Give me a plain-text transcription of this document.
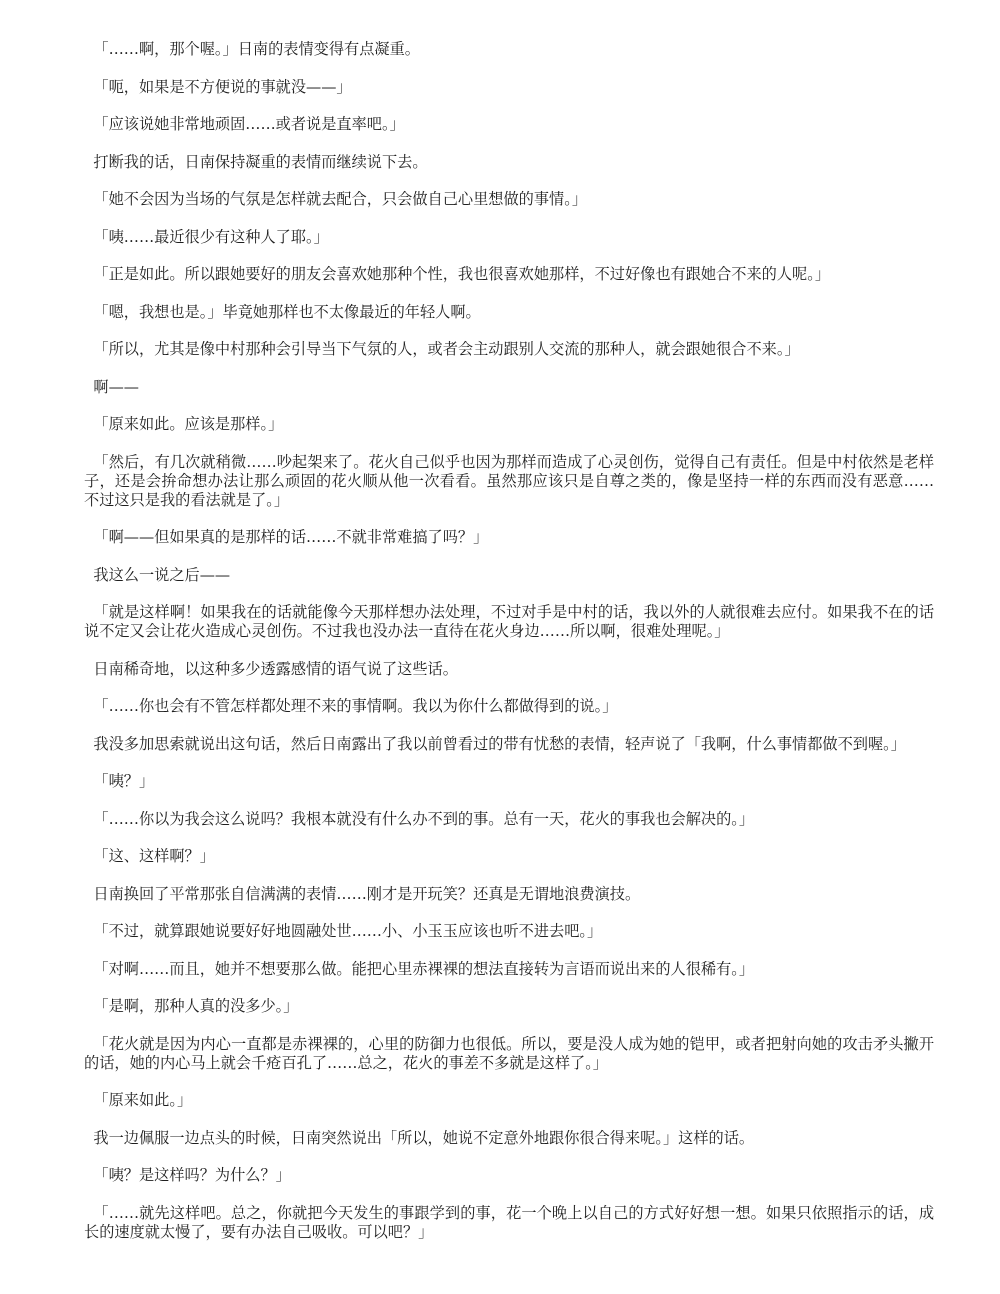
「……啊，那个喔。」日南的表情变得有点凝重。

「呃，如果是不方便说的事就没——」

「应该说她非常地顽固……或者说是直率吧。」

打断我的话，日南保持凝重的表情而继续说下去。

「她不会因为当场的气氛是怎样就去配合，只会做自己心里想做的事情。」

「咦……最近很少有这种人了耶。」

「正是如此。所以跟她要好的朋友会喜欢她那种个性，我也很喜欢她那样，不过好像也有跟她合不来的人呢。」

「嗯，我想也是。」毕竟她那样也不太像最近的年轻人啊。

「所以，尤其是像中村那种会引导当下气氛的人，或者会主动跟别人交流的那种人，就会跟她很合不来。」

啊——

「原来如此。应该是那样。」

「然后，有几次就稍微……吵起架来了。花火自己似乎也因为那样而造成了心灵创伤，觉得自己有责任。但是中村依然是老样子，还是会拚命想办法让那么顽固的花火顺从他一次看看。虽然那应该只是自尊之类的，像是坚持一样的东西而没有恶意……不过这只是我的看法就是了。」

「啊——但如果真的是那样的话……不就非常难搞了吗？」

我这么一说之后——

「就是这样啊！如果我在的话就能像今天那样想办法处理，不过对手是中村的话，我以外的人就很难去应付。如果我不在的话说不定又会让花火造成心灵创伤。不过我也没办法一直待在花火身边……所以啊，很难处理呢。」

日南稀奇地，以这种多少透露感情的语气说了这些话。

「……你也会有不管怎样都处理不来的事情啊。我以为你什么都做得到的说。」

我没多加思索就说出这句话，然后日南露出了我以前曾看过的带有忧愁的表情，轻声说了「我啊，什么事情都做不到喔。」

「咦？」

「……你以为我会这么说吗？我根本就没有什么办不到的事。总有一天，花火的事我也会解决的。」

「这、这样啊？」

日南换回了平常那张自信满满的表情……刚才是开玩笑？还真是无谓地浪费演技。

「不过，就算跟她说要好好地圆融处世……小、小玉玉应该也听不进去吧。」

「对啊……而且，她并不想要那么做。能把心里赤裸裸的想法直接转为言语而说出来的人很稀有。」

「是啊，那种人真的没多少。」

「花火就是因为内心一直都是赤裸裸的，心里的防御力也很低。所以，要是没人成为她的铠甲，或者把射向她的攻击矛头撇开的话，她的内心马上就会千疮百孔了……总之，花火的事差不多就是这样了。」

「原来如此。」

我一边佩服一边点头的时候，日南突然说出「所以，她说不定意外地跟你很合得来呢。」这样的话。

「咦？是这样吗？为什么？」

「……就先这样吧。总之，你就把今天发生的事跟学到的事，花一个晚上以自己的方式好好想一想。如果只依照指示的话，成长的速度就太慢了，要有办法自己吸收。可以吧？」
